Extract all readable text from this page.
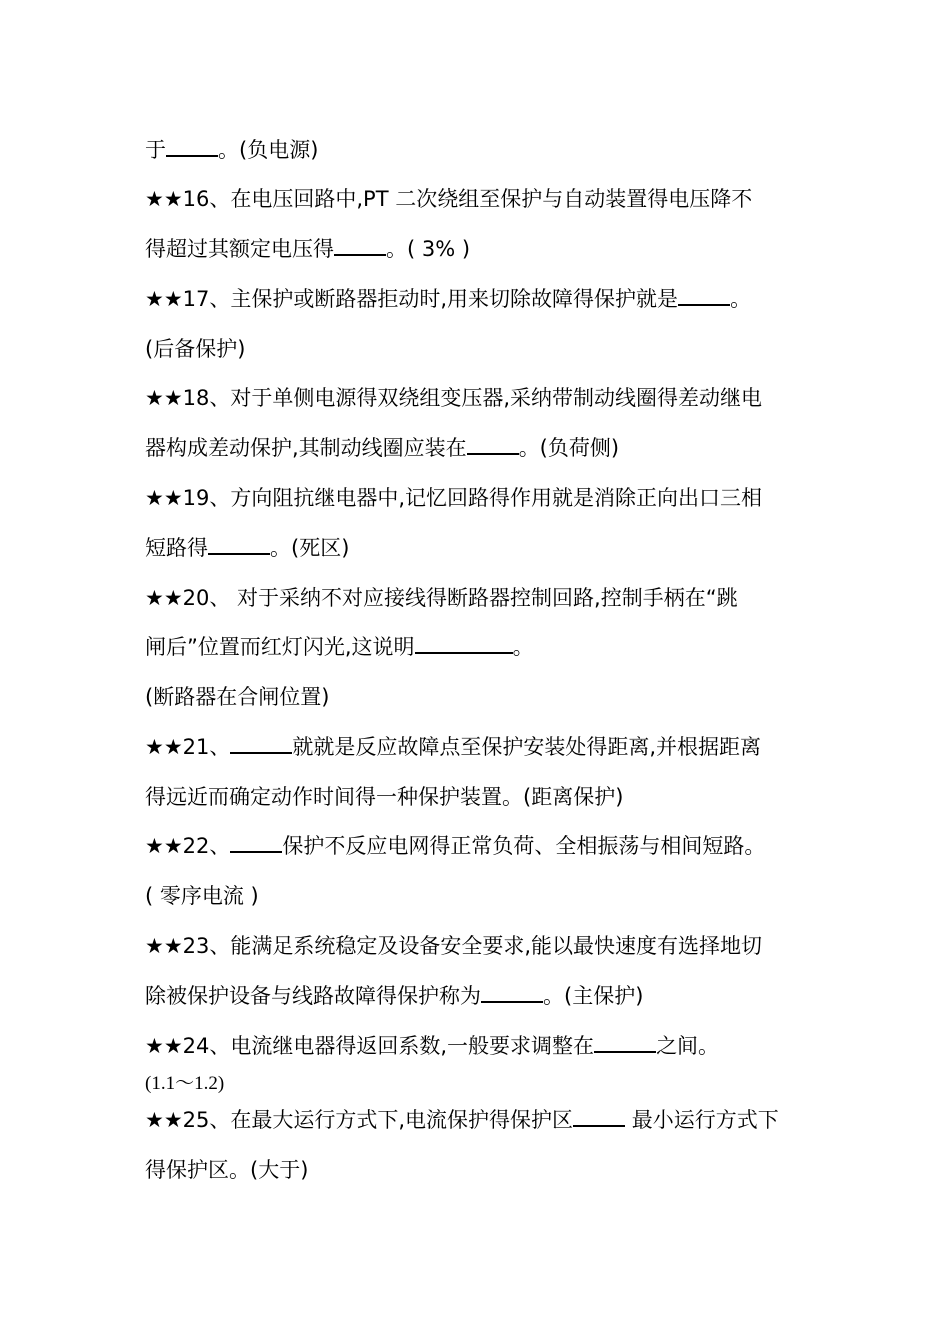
于 。(负电源)
★★16、在电压回路中,PT 二次绕组至保护与自动装置得电压降不
得超过其额定电压得 。( 3% )
★★17、主保护或断路器拒动时,用来切除故障得保护就是 。
(后备保护)
★★18、对于单侧电源得双绕组变压器,采纳带制动线圈得差动继电
器构成差动保护,其制动线圈应装在 。(负荷侧)
★★19、方向阻抗继电器中,记忆回路得作用就是消除正向出口三相
短路得	。(死区)
★★20、 对于采纳不对应接线得断路器控制回路,控制手柄在“跳
闸后”位置而红灯闪光,这说明	。
(断路器在合闸位置)
★★21、	就就是反应故障点至保护安装处得距离,并根据距离
得远近而确定动作时间得一种保护装置。(距离保护)
★★22、 保护不反应电网得正常负荷、全相振荡与相间短路。
( 零序电流 )
★★23、能满足系统稳定及设备安全要求,能以最快速度有选择地切
除被保护设备与线路故障得保护称为	。(主保护)
★★24、电流继电器得返回系数,一般要求调整在	之间。
(1.1～1.2)
★★25、在最大运行方式下,电流保护得保护区 最小运行方式下
得保护区。(大于)
